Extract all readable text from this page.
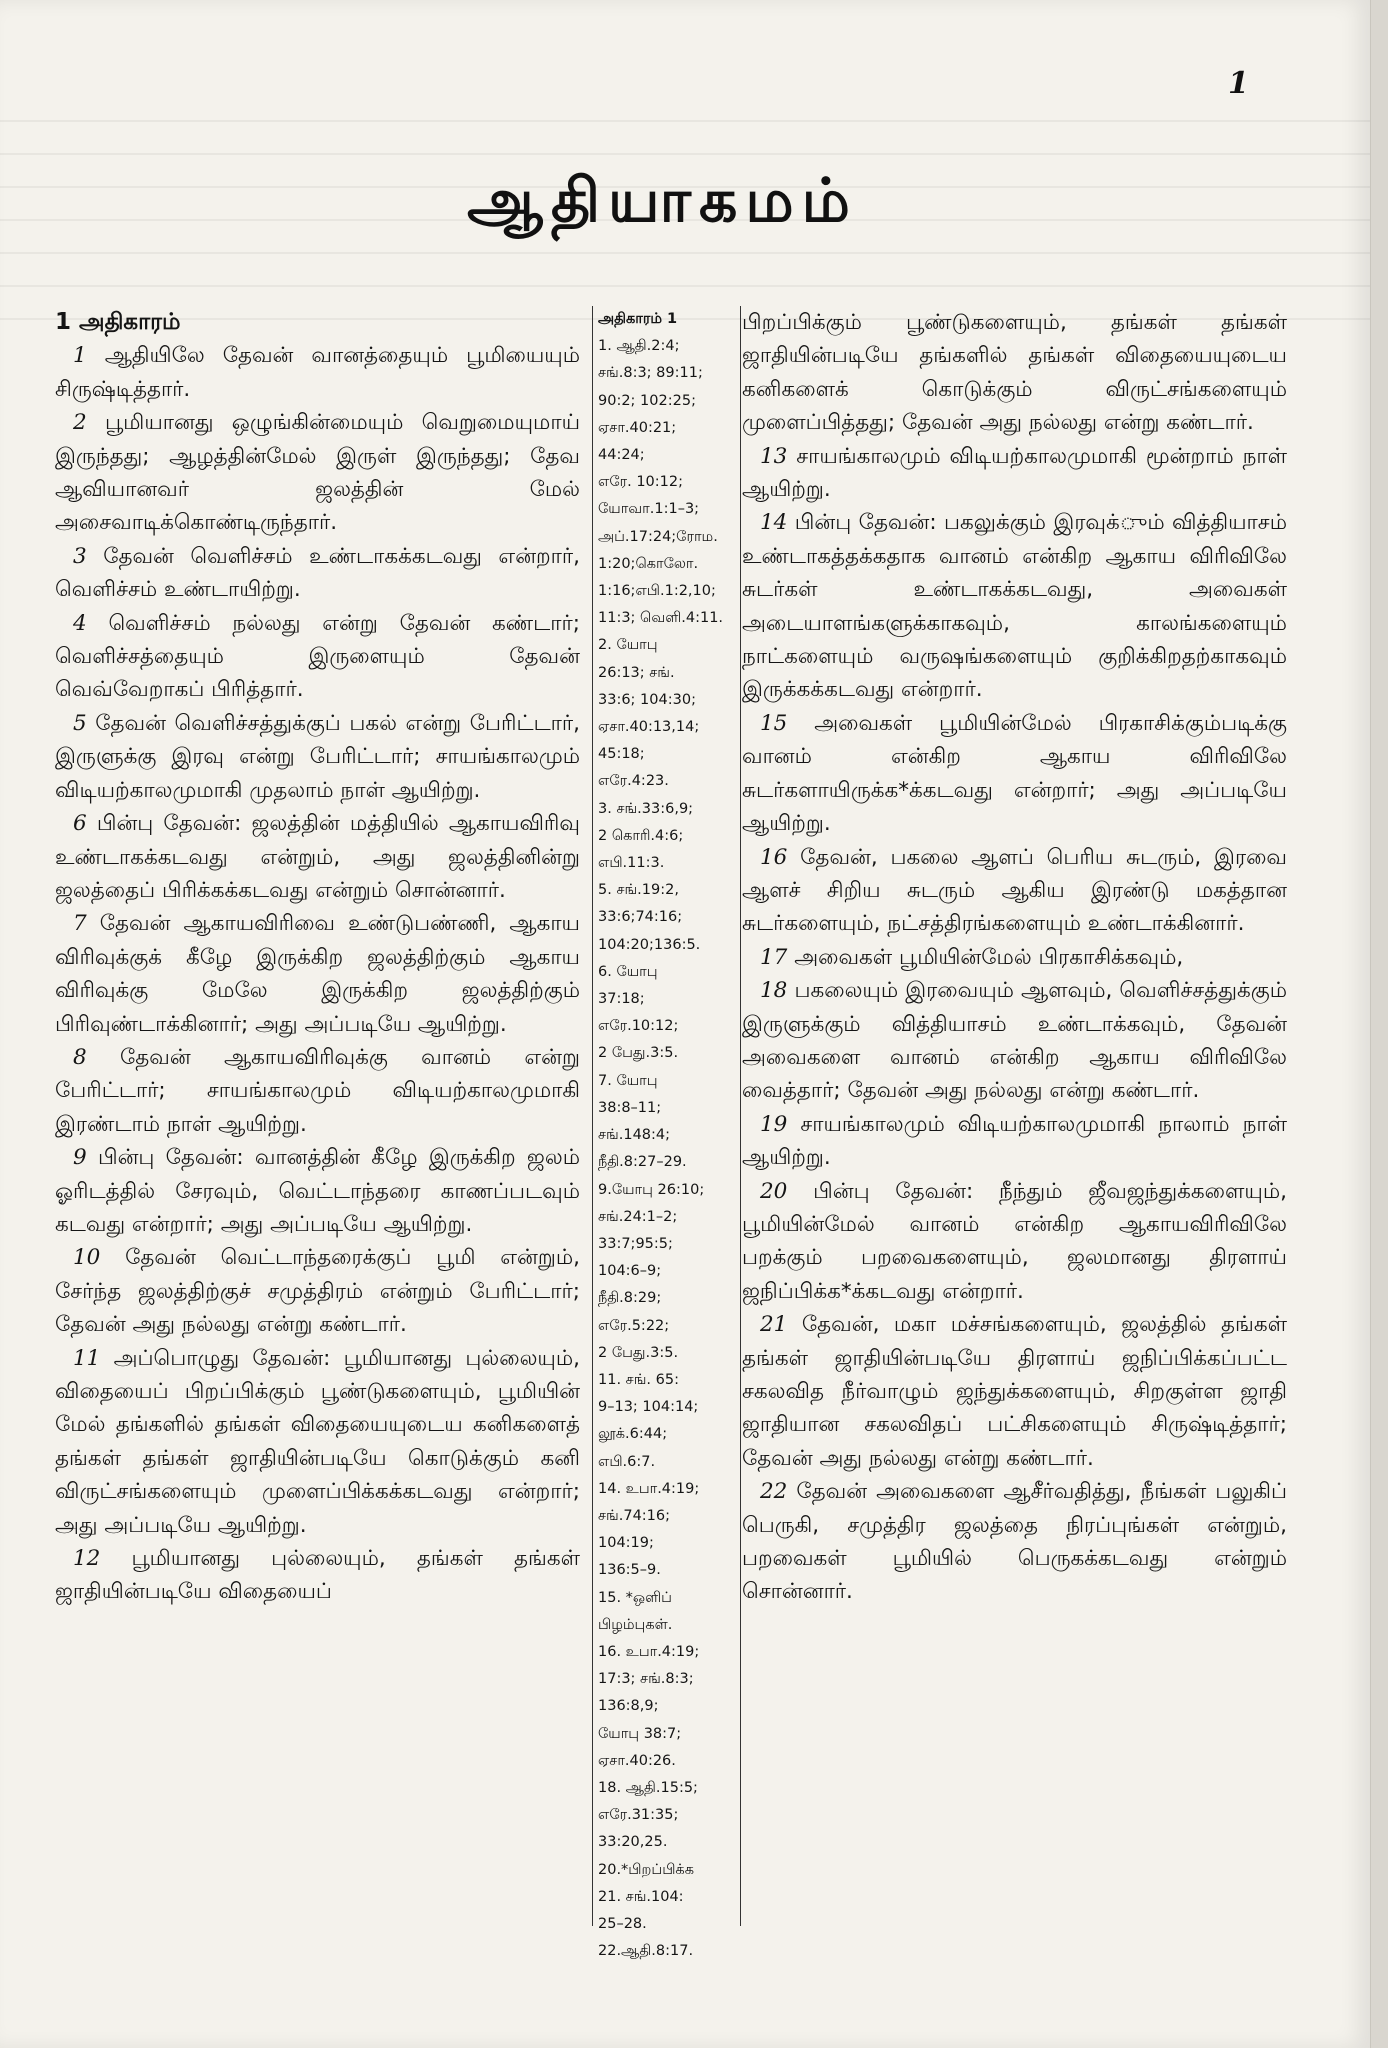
1
ஆதியாகமம்

1 அதிகாரம்

1 ஆதியிலே தேவன் வானத்தையும் பூமியையும் சிருஷ்டித்தார்.

2 பூமியானது ஒழுங்கின்மையும் வெறுமையுமாய் இருந்தது; ஆழத்தின்மேல் இருள் இருந்தது; தேவ ஆவியானவர் ஜலத்தின் மேல் அசைவாடிக்கொண்டிருந்தார்.

3 தேவன் வெளிச்சம் உண்டாகக்கடவது என்றார், வெளிச்சம் உண்டாயிற்று.

4 வெளிச்சம் நல்லது என்று தேவன் கண்டார்; வெளிச்சத்தையும் இருளையும் தேவன் வெவ்வேறாகப் பிரித்தார்.

5 தேவன் வெளிச்சத்துக்குப் பகல் என்று பேரிட்டார், இருளுக்கு இரவு என்று பேரிட்டார்; சாயங்காலமும் விடியற்காலமுமாகி முதலாம் நாள் ஆயிற்று.

6 பின்பு தேவன்: ஜலத்தின் மத்தியில் ஆகாயவிரிவு உண்டாகக்கடவது என்றும், அது ஜலத்தினின்று ஜலத்தைப் பிரிக்கக்கடவது என்றும் சொன்னார்.

7 தேவன் ஆகாயவிரிவை உண்டுபண்ணி, ஆகாய விரிவுக்குக் கீழே இருக்கிற ஜலத்திற்கும் ஆகாய விரிவுக்கு மேலே இருக்கிற ஜலத்திற்கும் பிரிவுண்டாக்கினார்; அது அப்படியே ஆயிற்று.

8 தேவன் ஆகாயவிரிவுக்கு வானம் என்று பேரிட்டார்; சாயங்காலமும் விடியற்காலமுமாகி இரண்டாம் நாள் ஆயிற்று.

9 பின்பு தேவன்: வானத்தின் கீழே இருக்கிற ஜலம் ஓரிடத்தில் சேரவும், வெட்டாந்தரை காணப்படவும் கடவது என்றார்; அது அப்படியே ஆயிற்று.

10 தேவன் வெட்டாந்தரைக்குப் பூமி என்றும், சேர்ந்த ஜலத்திற்குச் சமுத்திரம் என்றும் பேரிட்டார்; தேவன் அது நல்லது என்று கண்டார்.

11 அப்பொழுது தேவன்: பூமியானது புல்லையும், விதையைப் பிறப்பிக்கும் பூண்டுகளையும், பூமியின் மேல் தங்களில் தங்கள் விதையையுடைய கனிகளைத் தங்கள் தங்கள் ஜாதியின்படியே கொடுக்கும் கனி விருட்சங்களையும் முளைப்பிக்கக்கடவது என்றார்; அது அப்படியே ஆயிற்று.

12 பூமியானது புல்லையும், தங்கள் தங்கள் ஜாதியின்படியே விதையைப்

அதிகாரம் 1
1. ஆதி.2:4;
சங்.8:3; 89:11;
90:2; 102:25;
ஏசா.40:21;
44:24;
எரே. 10:12;
யோவா.1:1–3;
அப்.17:24;ரோம.
1:20;கொலோ.
1:16;எபி.1:2,10;
11:3; வெளி.4:11.
2. யோபு
26:13; சங்.
33:6; 104:30;
ஏசா.40:13,14;
45:18;
எரே.4:23.
3. சங்.33:6,9;
2 கொரி.4:6;
எபி.11:3.
5. சங்.19:2,
33:6;74:16;
104:20;136:5.
6. யோபு
37:18;
எரே.10:12;
2 பேது.3:5.
7. யோபு
38:8–11;
சங்.148:4;
நீதி.8:27–29.
9.யோபு 26:10;
சங்.24:1–2;
33:7;95:5;
104:6–9;
நீதி.8:29;
எரே.5:22;
2 பேது.3:5.
11. சங். 65:
9–13; 104:14;
லூக்.6:44;
எபி.6:7.
14. உபா.4:19;
சங்.74:16;
104:19;
136:5–9.
15. *ஒளிப்
பிழம்புகள்.
16. உபா.4:19;
17:3; சங்.8:3;
136:8,9;
யோபு 38:7;
ஏசா.40:26.
18. ஆதி.15:5;
எரே.31:35;
33:20,25.
20.*பிறப்பிக்க
21. சங்.104:
25–28.
22.ஆதி.8:17.

பிறப்பிக்கும் பூண்டுகளையும், தங்கள் தங்கள் ஜாதியின்படியே தங்களில் தங்கள் விதையையுடைய கனிகளைக் கொடுக்கும் விருட்சங்களையும் முளைப்பித்தது; தேவன் அது நல்லது என்று கண்டார்.

13 சாயங்காலமும் விடியற்காலமுமாகி மூன்றாம் நாள் ஆயிற்று.

14 பின்பு தேவன்: பகலுக்கும் இரவுக்ும் வித்தியாசம் உண்டாகத்தக்கதாக வானம் என்கிற ஆகாய விரிவிலே சுடர்கள் உண்டாகக்கடவது, அவைகள் அடையாளங்களுக்காகவும், காலங்களையும் நாட்களையும் வருஷங்களையும் குறிக்கிறதற்காகவும் இருக்கக்கடவது என்றார்.

15 அவைகள் பூமியின்மேல் பிரகாசிக்கும்படிக்கு வானம் என்கிற ஆகாய விரிவிலே சுடர்களாயிருக்க*க்கடவது என்றார்; அது அப்படியே ஆயிற்று.

16 தேவன், பகலை ஆளப் பெரிய சுடரும், இரவை ஆளச் சிறிய சுடரும் ஆகிய இரண்டு மகத்தான சுடர்களையும், நட்சத்திரங்களையும் உண்டாக்கினார்.

17 அவைகள் பூமியின்மேல் பிரகாசிக்கவும்,

18 பகலையும் இரவையும் ஆளவும், வெளிச்சத்துக்கும் இருளுக்கும் வித்தியாசம் உண்டாக்கவும், தேவன் அவைகளை வானம் என்கிற ஆகாய விரிவிலே வைத்தார்; தேவன் அது நல்லது என்று கண்டார்.

19 சாயங்காலமும் விடியற்காலமுமாகி நாலாம் நாள் ஆயிற்று.

20 பின்பு தேவன்: நீந்தும் ஜீவஜந்துக்களையும், பூமியின்மேல் வானம் என்கிற ஆகாயவிரிவிலே பறக்கும் பறவைகளையும், ஜலமானது திரளாய் ஜநிப்பிக்க*க்கடவது என்றார்.

21 தேவன், மகா மச்சங்களையும், ஜலத்தில் தங்கள் தங்கள் ஜாதியின்படியே திரளாய் ஜநிப்பிக்கப்பட்ட சகலவித நீர்வாழும் ஜந்துக்களையும், சிறகுள்ள ஜாதி ஜாதியான சகலவிதப் பட்சிகளையும் சிருஷ்டித்தார்; தேவன் அது நல்லது என்று கண்டார்.

22 தேவன் அவைகளை ஆசீர்வதித்து, நீங்கள் பலுகிப் பெருகி, சமுத்திர ஜலத்தை நிரப்புங்கள் என்றும், பறவைகள் பூமியில் பெருகக்கடவது என்றும் சொன்னார்.
